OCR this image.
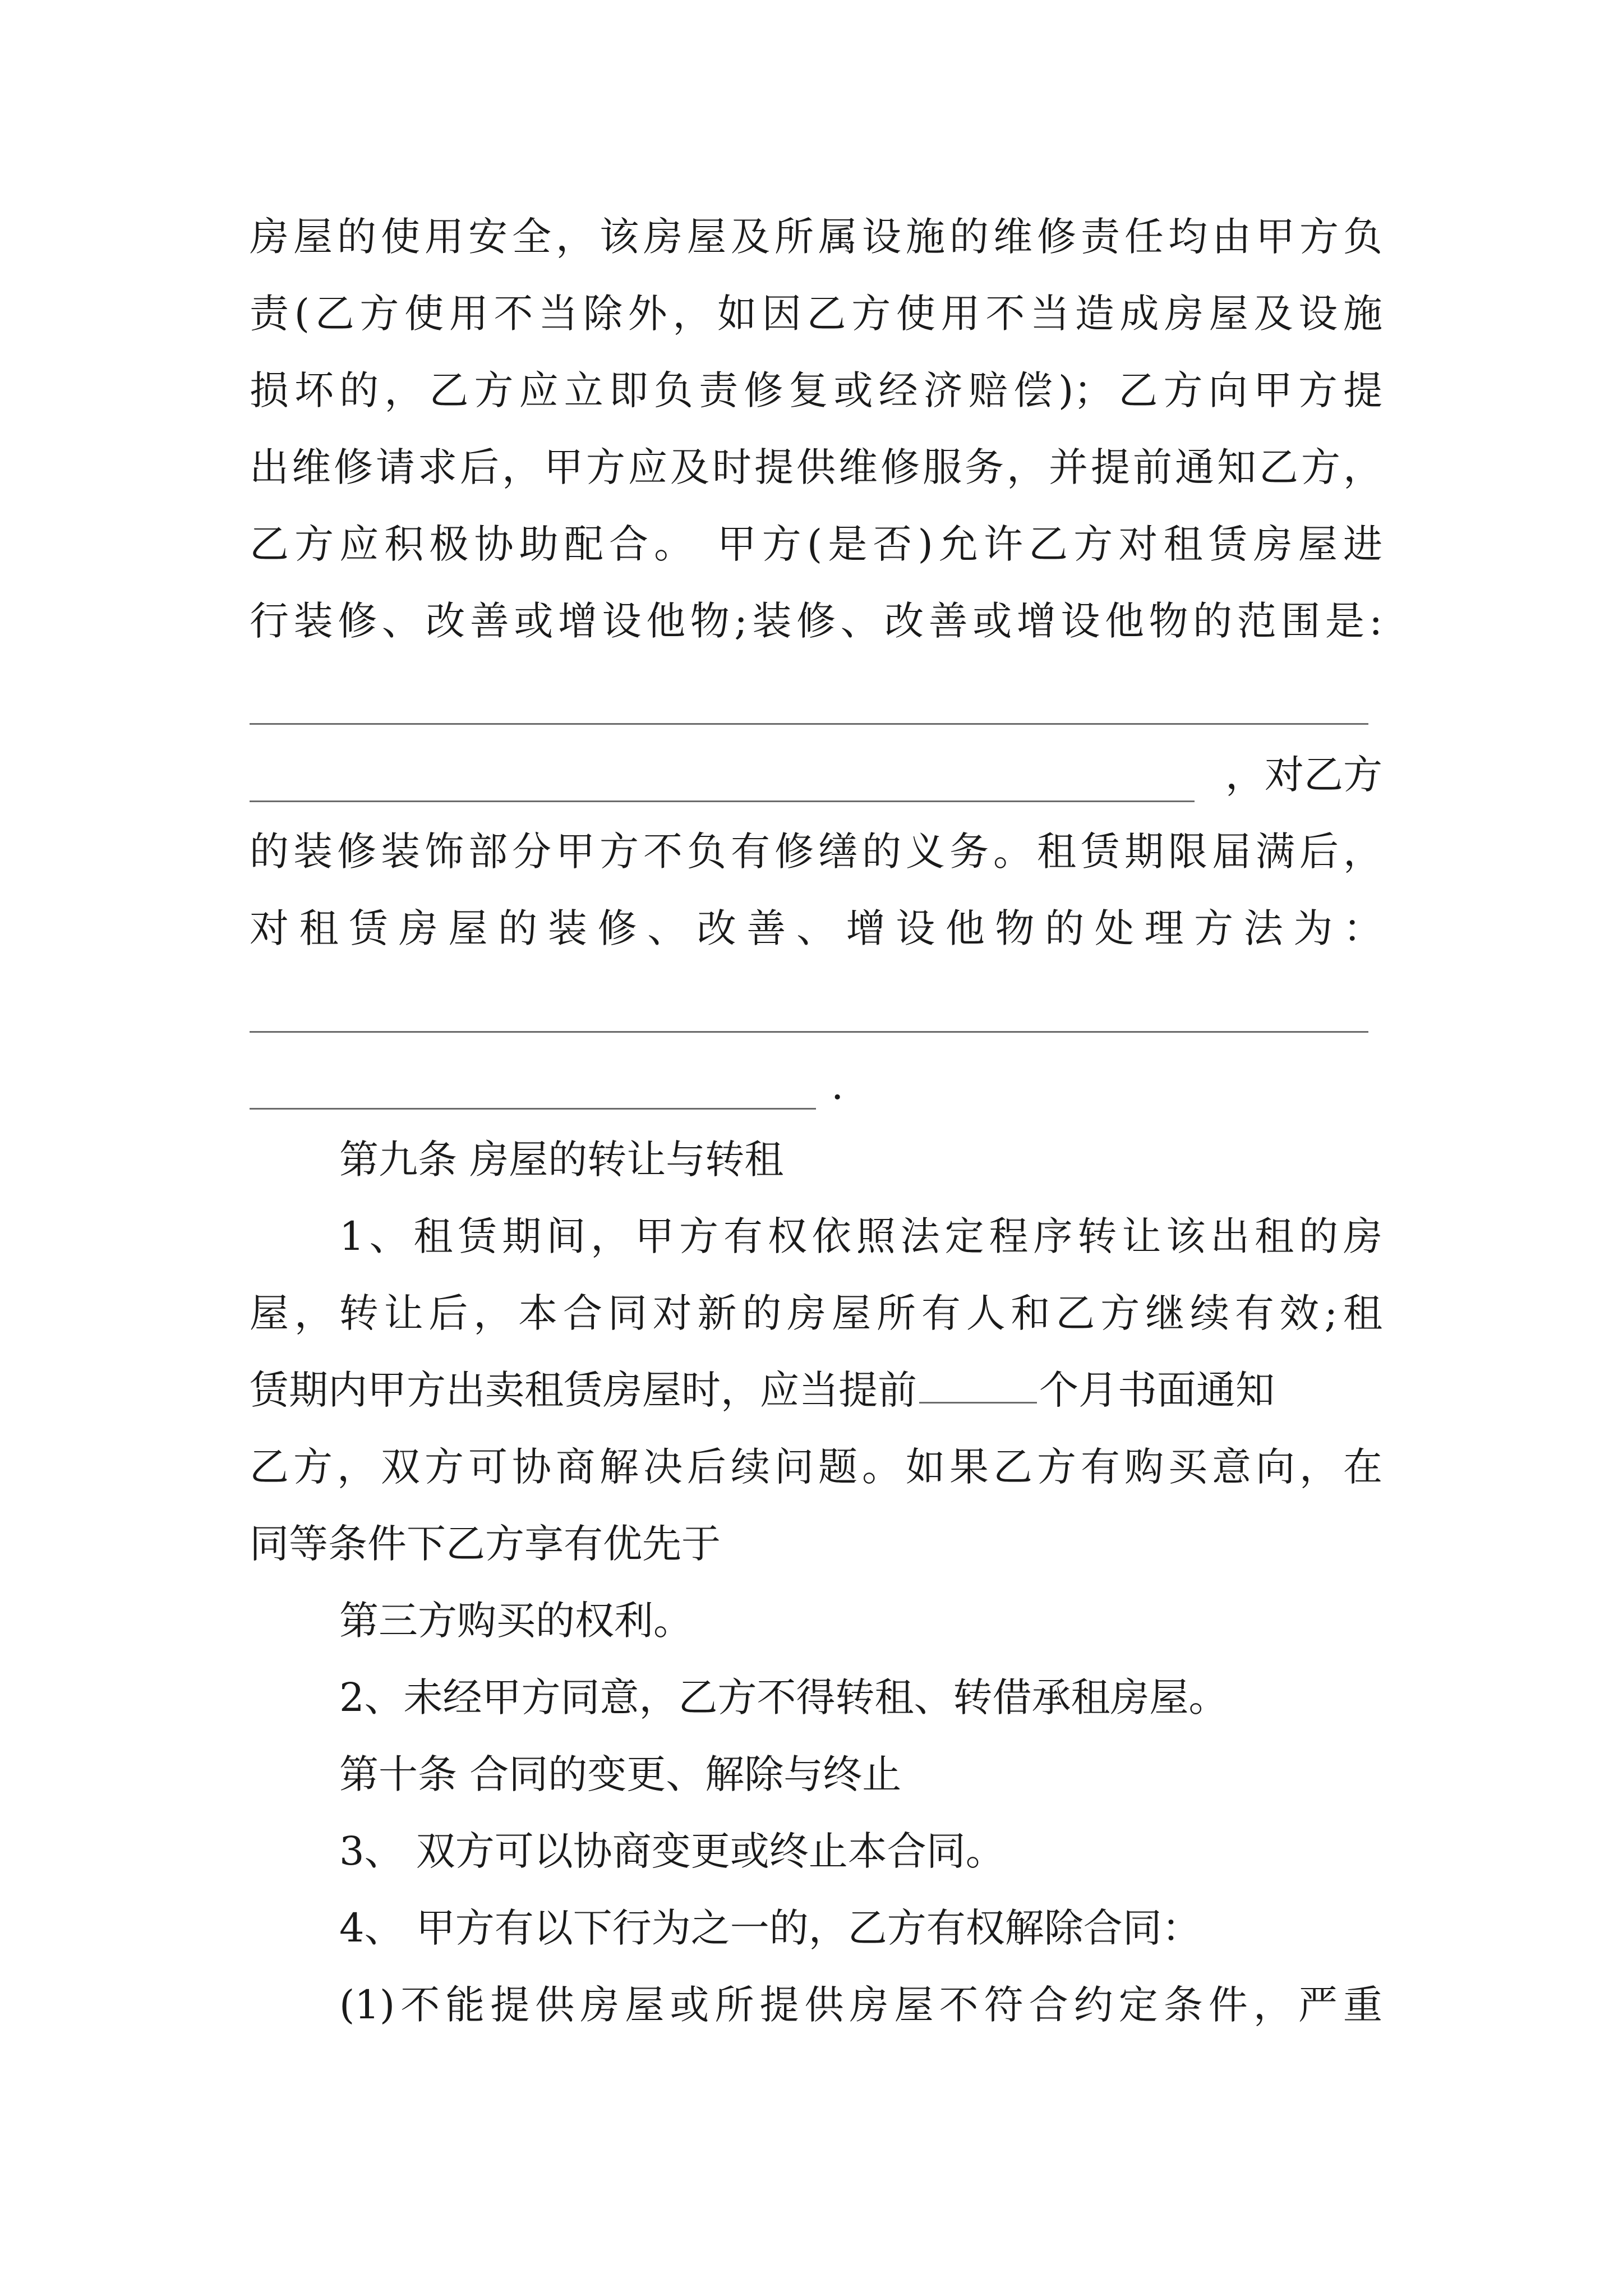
房屋的使用安全，该房屋及所属设施的维修责任均由甲方负
责(乙方使用不当除外，如因乙方使用不当造成房屋及设施
损坏的，乙方应立即负责修复或经济赔偿)；乙方向甲方提
出维修请求后，甲方应及时提供维修服务，并提前通知乙方，
乙方应积极协助配合。 甲方(是否)允许乙方对租赁房屋进
行装修、改善或增设他物;装修、改善或增设他物的范围是:
，对乙方
的装修装饰部分甲方不负有修缮的义务。租赁期限届满后，
对租赁房屋的装修、改善、增设他物的处理方法为：
.
第九条 房屋的转让与转租
1、租赁期间，甲方有权依照法定程序转让该出租的房
屋，转让后，本合同对新的房屋所有人和乙方继续有效;租
赁期内甲方出卖租赁房屋时，应当提前	个月书面通知
乙方，双方可协商解决后续问题。如果乙方有购买意向，在
同等条件下乙方享有优先于
第三方购买的权利。
2、未经甲方同意，乙方不得转租、转借承租房屋。
第十条 合同的变更、解除与终止
3、 双方可以协商变更或终止本合同。
4、 甲方有以下行为之一的，乙方有权解除合同：
(1)不能提供房屋或所提供房屋不符合约定条件，严重
